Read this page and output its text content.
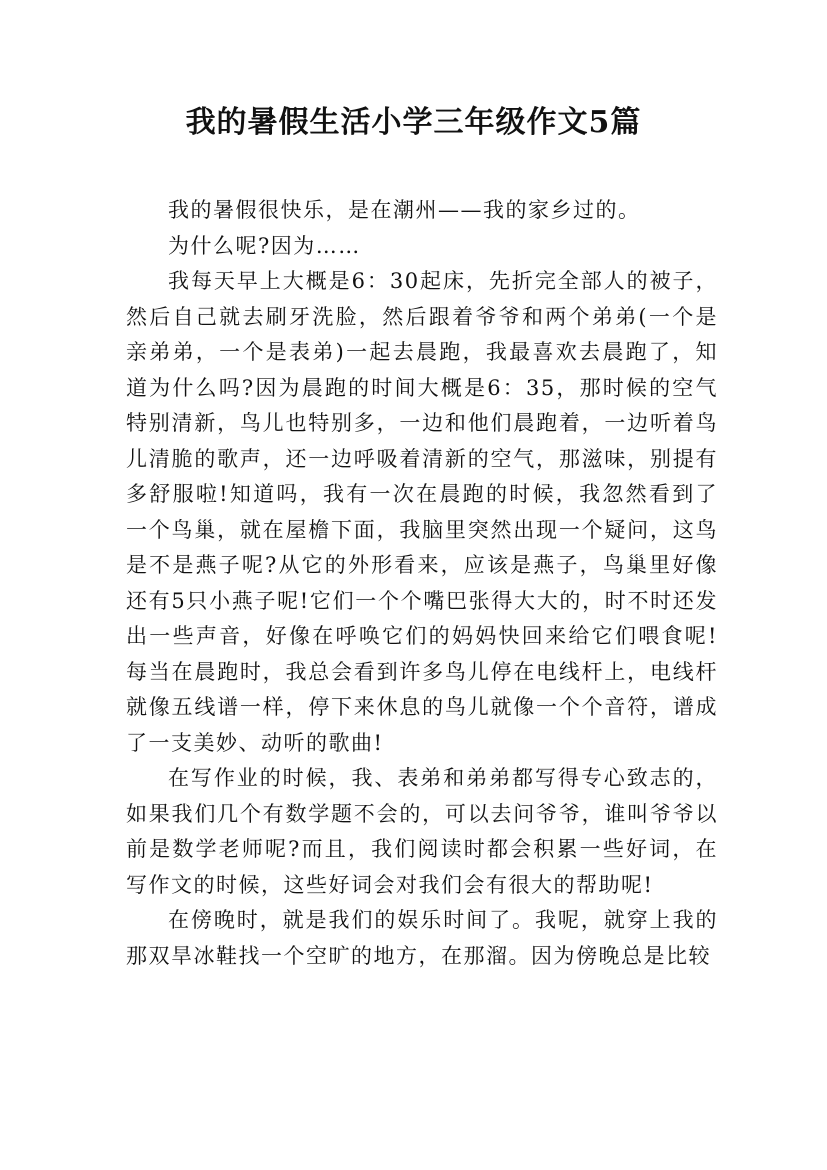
我的暑假生活小学三年级作文5篇

我的暑假很快乐，是在潮州——我的家乡过的。

为什么呢?因为……

我每天早上大概是6：30起床，先折完全部人的被子，然后自己就去刷牙洗脸，然后跟着爷爷和两个弟弟(一个是亲弟弟，一个是表弟)一起去晨跑，我最喜欢去晨跑了，知道为什么吗?因为晨跑的时间大概是6：35，那时候的空气特别清新，鸟儿也特别多，一边和他们晨跑着，一边听着鸟儿清脆的歌声，还一边呼吸着清新的空气，那滋味，别提有多舒服啦!知道吗，我有一次在晨跑的时候，我忽然看到了一个鸟巢，就在屋檐下面，我脑里突然出现一个疑问，这鸟是不是燕子呢?从它的外形看来，应该是燕子，鸟巢里好像还有5只小燕子呢!它们一个个嘴巴张得大大的，时不时还发出一些声音，好像在呼唤它们的妈妈快回来给它们喂食呢!每当在晨跑时，我总会看到许多鸟儿停在电线杆上，电线杆就像五线谱一样，停下来休息的鸟儿就像一个个音符，谱成了一支美妙、动听的歌曲!

在写作业的时候，我、表弟和弟弟都写得专心致志的，如果我们几个有数学题不会的，可以去问爷爷，谁叫爷爷以前是数学老师呢?而且，我们阅读时都会积累一些好词，在写作文的时候，这些好词会对我们会有很大的帮助呢!

在傍晚时，就是我们的娱乐时间了。我呢，就穿上我的那双旱冰鞋找一个空旷的地方，在那溜。因为傍晚总是比较
